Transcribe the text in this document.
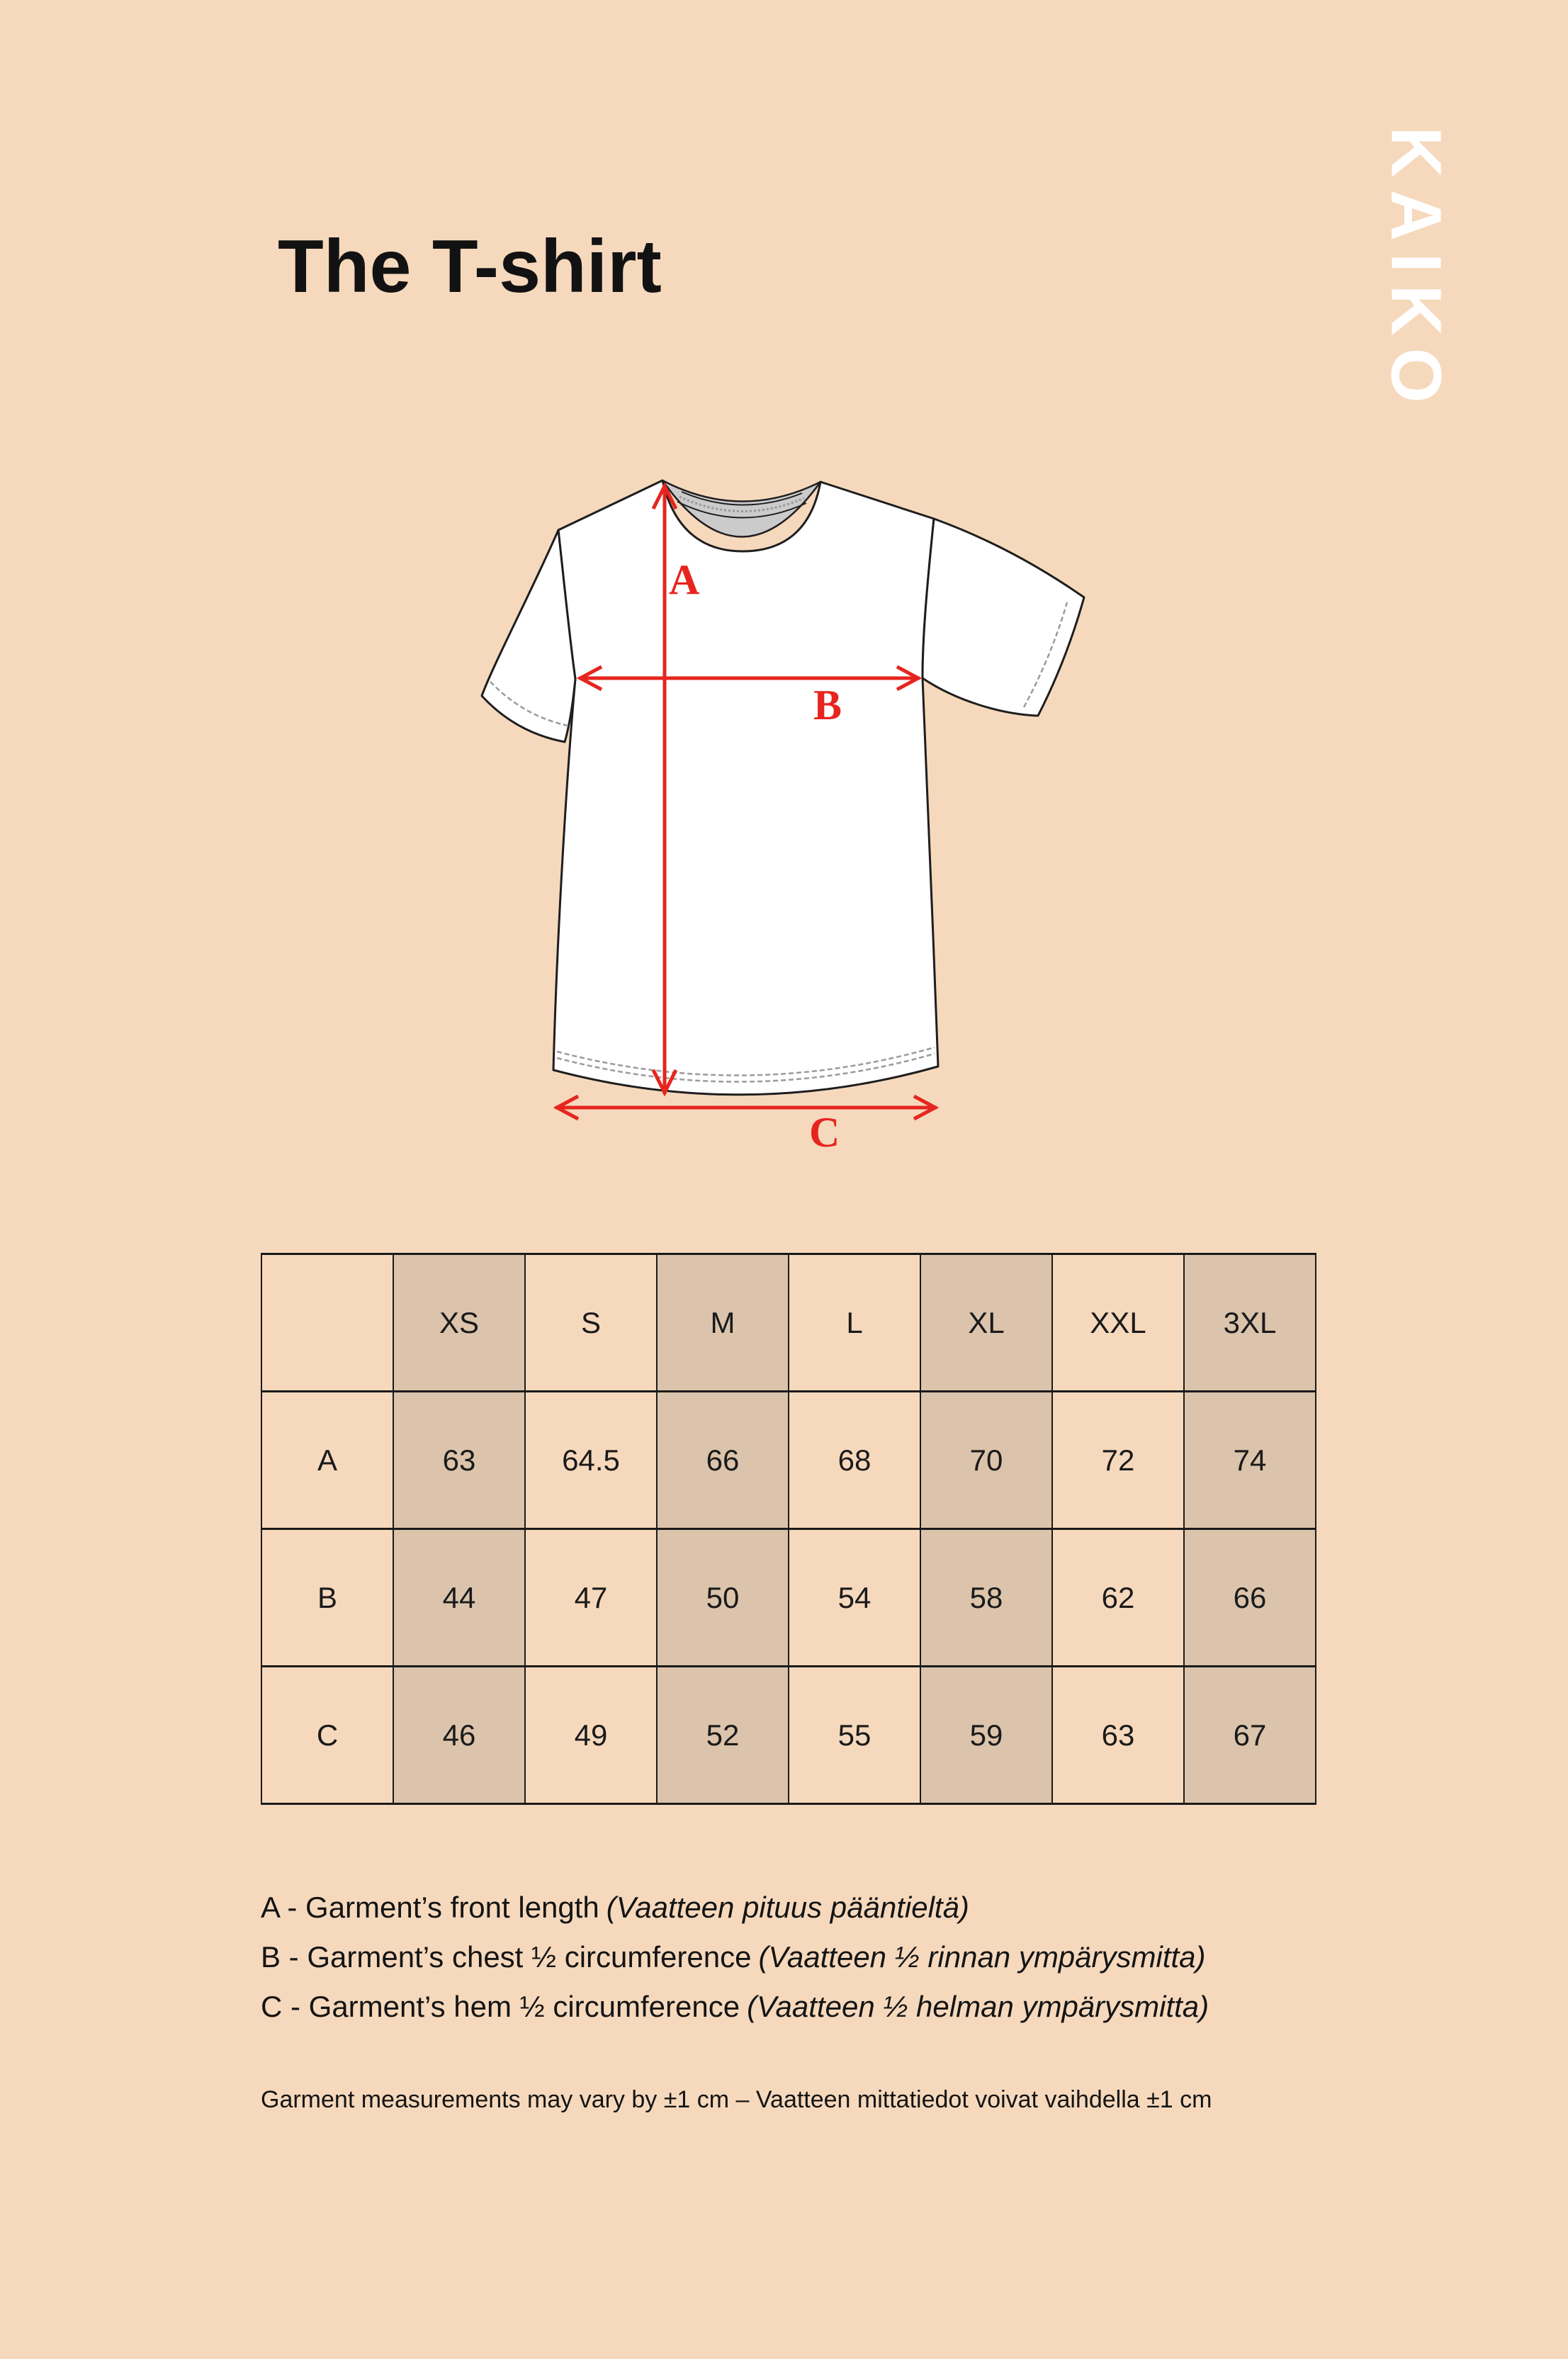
The T-shirt	KAIKO
A
B
C
	XS	S	M	L	XL	XXL	3XL
A	63	64.5	66	68	70	72	74
B	44	47	50	54	58	62	66
C	46	49	52	55	59	63	67
A - Garment’s front length (Vaatteen pituus pääntieltä)
B - Garment’s chest ½ circumference (Vaatteen ½ rinnan ympärysmitta)
C - Garment’s hem ½ circumference (Vaatteen ½ helman ympärysmitta)
Garment measurements may vary by ±1 cm – Vaatteen mittatiedot voivat vaihdella ±1 cm
